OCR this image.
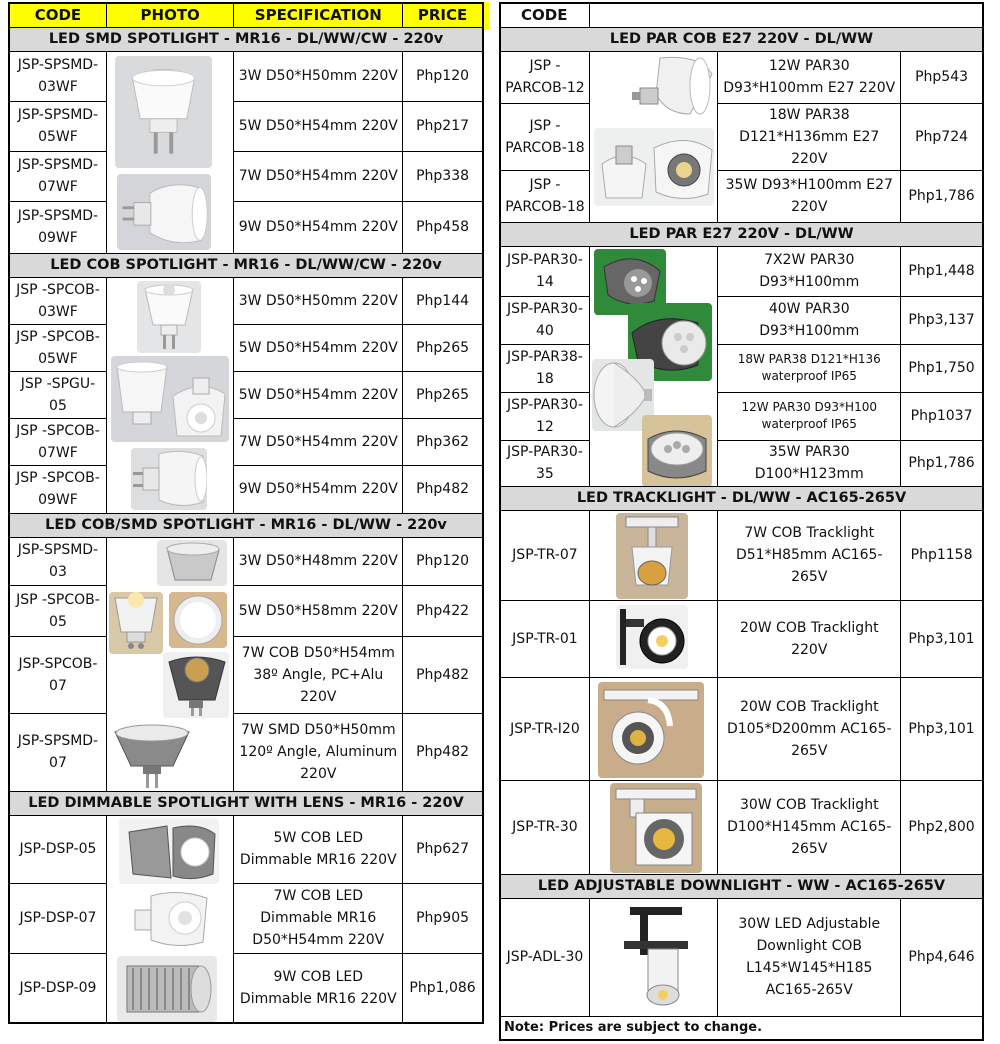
CODE	PHOTO	SPECIFICATION	PRICE
LED SMD SPOTLIGHT - MR16 - DL/WW/CW - 220v			
JSP-SPSMD-03WF		3W D50*H50mm 220V	Php120
JSP-SPSMD-05WF		5W D50*H54mm 220V	Php217
JSP-SPSMD-07WF		7W D50*H54mm 220V	Php338
JSP-SPSMD-09WF		9W D50*H54mm 220V	Php458
LED COB SPOTLIGHT - MR16 - DL/WW/CW - 220v			
JSP -SPCOB-03WF		3W D50*H50mm 220V	Php144
JSP -SPCOB-05WF		5W D50*H54mm 220V	Php265
JSP -SPGU-05		5W D50*H54mm 220V	Php265
JSP -SPCOB-07WF		7W D50*H54mm 220V	Php362
JSP -SPCOB-09WF		9W D50*H54mm 220V	Php482
LED COB/SMD SPOTLIGHT - MR16 - DL/WW - 220v			
JSP-SPSMD-03		3W D50*H48mm 220V	Php120
JSP -SPCOB-05		5W D50*H58mm 220V	Php422
JSP-SPCOB-07		7W COB D50*H54mm 38º Angle, PC+Alu 220V	Php482
JSP-SPSMD-07		7W SMD D50*H50mm 120º Angle, Aluminum 220V	Php482
LED DIMMABLE SPOTLIGHT WITH LENS - MR16 - 220V			
JSP-DSP-05		5W COB LED Dimmable MR16 220V	Php627
JSP-DSP-07		7W COB LED Dimmable MR16 D50*H54mm 220V	Php905
JSP-DSP-09		9W COB LED Dimmable MR16 220V	Php1,086
CODE			
LED PAR COB E27 220V - DL/WW			
JSP -PARCOB-12		12W PAR30 D93*H100mm E27 220V	Php543
JSP -PARCOB-18		18W PAR38 D121*H136mm E27 220V	Php724
JSP -PARCOB-18		35W D93*H100mm E27 220V	Php1,786
LED PAR E27 220V - DL/WW			
JSP-PAR30-14		7X2W PAR30 D93*H100mm	Php1,448
JSP-PAR30-40		40W PAR30 D93*H100mm	Php3,137
JSP-PAR38-18		18W PAR38 D121*H136 waterproof IP65	Php1,750
JSP-PAR30-12		12W PAR30 D93*H100 waterproof IP65	Php1037
JSP-PAR30-35		35W PAR30 D100*H123mm	Php1,786
LED TRACKLIGHT - DL/WW - AC165-265V			
JSP-TR-07		7W COB Tracklight D51*H85mm AC165-265V	Php1158
JSP-TR-01		20W COB Tracklight 220V	Php3,101
JSP-TR-I20		20W COB Tracklight D105*D200mm AC165-265V	Php3,101
JSP-TR-30		30W COB Tracklight D100*H145mm AC165-265V	Php2,800
LED ADJUSTABLE DOWNLIGHT - WW - AC165-265V			
JSP-ADL-30		30W LED Adjustable Downlight COB L145*W145*H185 AC165-265V	Php4,646
Note: Prices are subject to change.			
